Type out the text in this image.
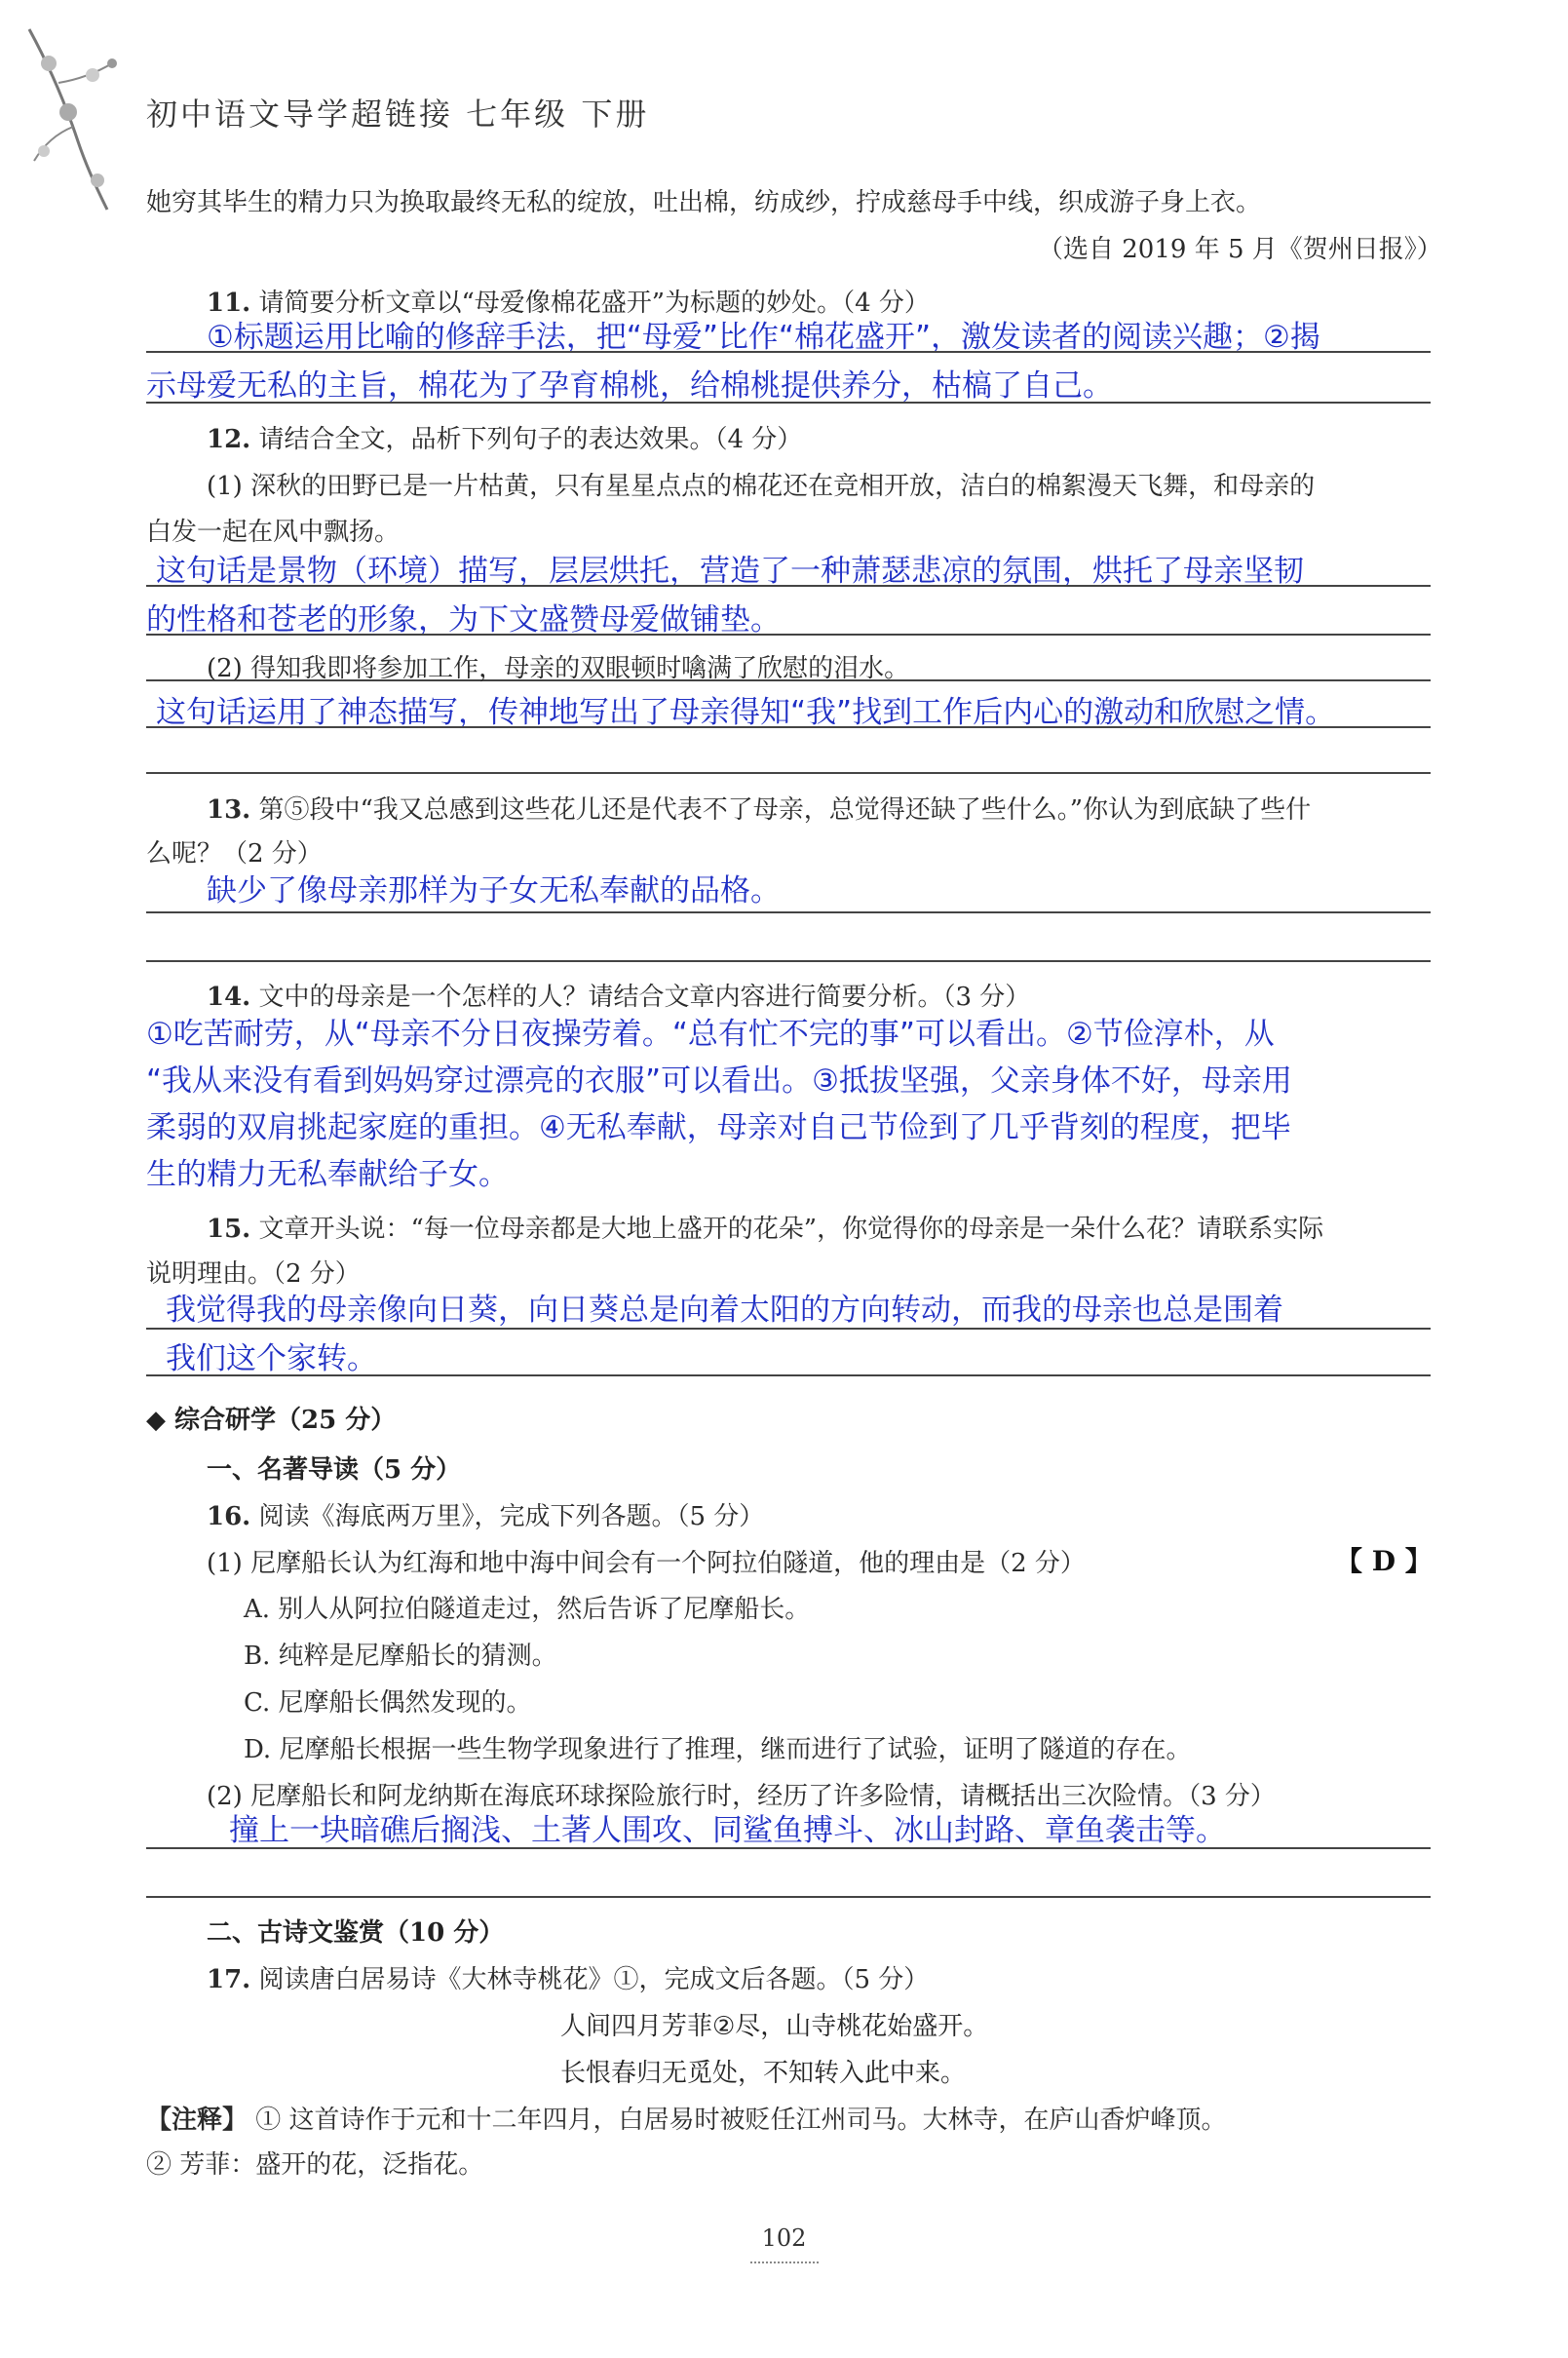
初中语文导学超链接 七年级 下册
她穷其毕生的精力只为换取最终无私的绽放，吐出棉，纺成纱，拧成慈母手中线，织成游子身上衣。
（选自 2019 年 5 月《贺州日报》）
11. 请简要分析文章以“母爱像棉花盛开”为标题的妙处。（4 分）
①标题运用比喻的修辞手法，把“母爱”比作“棉花盛开”，激发读者的阅读兴趣；②揭
示母爱无私的主旨，棉花为了孕育棉桃，给棉桃提供养分，枯槁了自己。
12. 请结合全文，品析下列句子的表达效果。（4 分）
(1) 深秋的田野已是一片枯黄，只有星星点点的棉花还在竞相开放，洁白的棉絮漫天飞舞，和母亲的
白发一起在风中飘扬。
这句话是景物（环境）描写，层层烘托，营造了一种萧瑟悲凉的氛围，烘托了母亲坚韧
的性格和苍老的形象，为下文盛赞母爱做铺垫。
(2) 得知我即将参加工作，母亲的双眼顿时噙满了欣慰的泪水。
这句话运用了神态描写，传神地写出了母亲得知“我”找到工作后内心的激动和欣慰之情。
13. 第⑤段中“我又总感到这些花儿还是代表不了母亲，总觉得还缺了些什么。”你认为到底缺了些什
么呢？（2 分）
缺少了像母亲那样为子女无私奉献的品格。
14. 文中的母亲是一个怎样的人？请结合文章内容进行简要分析。（3 分）
①吃苦耐劳，从“母亲不分日夜操劳着。“总有忙不完的事”可以看出。②节俭淳朴，从
“我从来没有看到妈妈穿过漂亮的衣服”可以看出。③抵拔坚强，父亲身体不好，母亲用
柔弱的双肩挑起家庭的重担。④无私奉献，母亲对自己节俭到了几乎背刻的程度，把毕
生的精力无私奉献给子女。
15. 文章开头说：“每一位母亲都是大地上盛开的花朵”，你觉得你的母亲是一朵什么花？请联系实际
说明理由。（2 分）
我觉得我的母亲像向日葵，向日葵总是向着太阳的方向转动，而我的母亲也总是围着
我们这个家转。
◆ 综合研学（25 分）
一、名著导读（5 分）
16. 阅读《海底两万里》，完成下列各题。（5 分）
(1) 尼摩船长认为红海和地中海中间会有一个阿拉伯隧道，他的理由是（2 分）	【 D 】
A. 别人从阿拉伯隧道走过，然后告诉了尼摩船长。
B. 纯粹是尼摩船长的猜测。
C. 尼摩船长偶然发现的。
D. 尼摩船长根据一些生物学现象进行了推理，继而进行了试验，证明了隧道的存在。
(2) 尼摩船长和阿龙纳斯在海底环球探险旅行时，经历了许多险情，请概括出三次险情。（3 分）
撞上一块暗礁后搁浅、土著人围攻、同鲨鱼搏斗、冰山封路、章鱼袭击等。
二、古诗文鉴赏（10 分）
17. 阅读唐白居易诗《大林寺桃花》①，完成文后各题。（5 分）
人间四月芳菲②尽，山寺桃花始盛开。
长恨春归无觅处，不知转入此中来。
【注释】 ① 这首诗作于元和十二年四月，白居易时被贬任江州司马。大林寺，在庐山香炉峰顶。
② 芳菲：盛开的花，泛指花。
102
